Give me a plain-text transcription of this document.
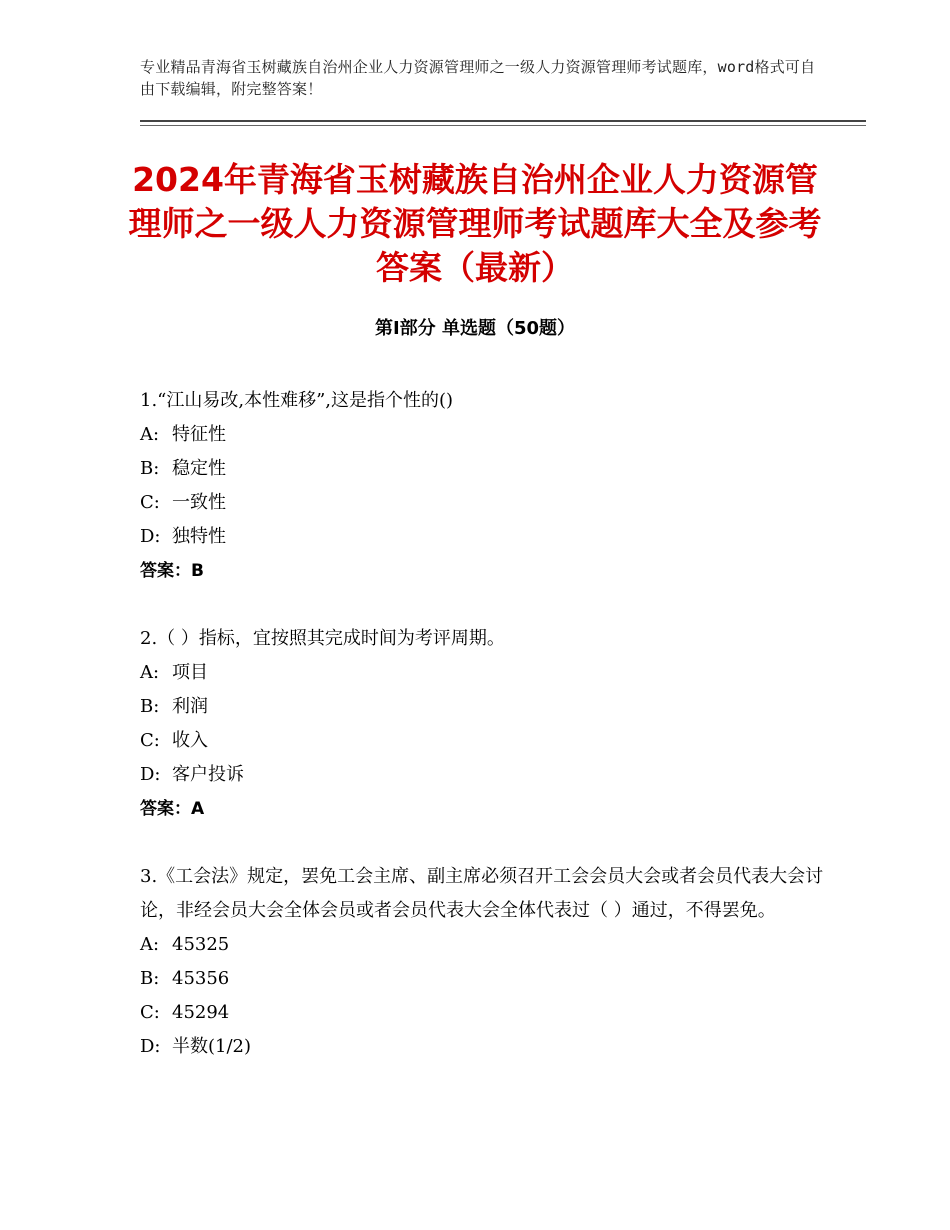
专业精品青海省玉树藏族自治州企业人力资源管理师之一级人力资源管理师考试题库，word格式可自由下载编辑，附完整答案！
2024年青海省玉树藏族自治州企业人力资源管理师之一级人力资源管理师考试题库大全及参考答案（最新）
第Ⅰ部分 单选题（50题）
1.“江山易改,本性难移”,这是指个性的()
A: 特征性
B: 稳定性
C: 一致性
D: 独特性
答案：B
2.（ ）指标，宜按照其完成时间为考评周期。
A: 项目
B: 利润
C: 收入
D: 客户投诉
答案：A
3.《工会法》规定，罢免工会主席、副主席必须召开工会会员大会或者会员代表大会讨论，非经会员大会全体会员或者会员代表大会全体代表过（ ）通过，不得罢免。
A: 45325
B: 45356
C: 45294
D: 半数(1/2)
